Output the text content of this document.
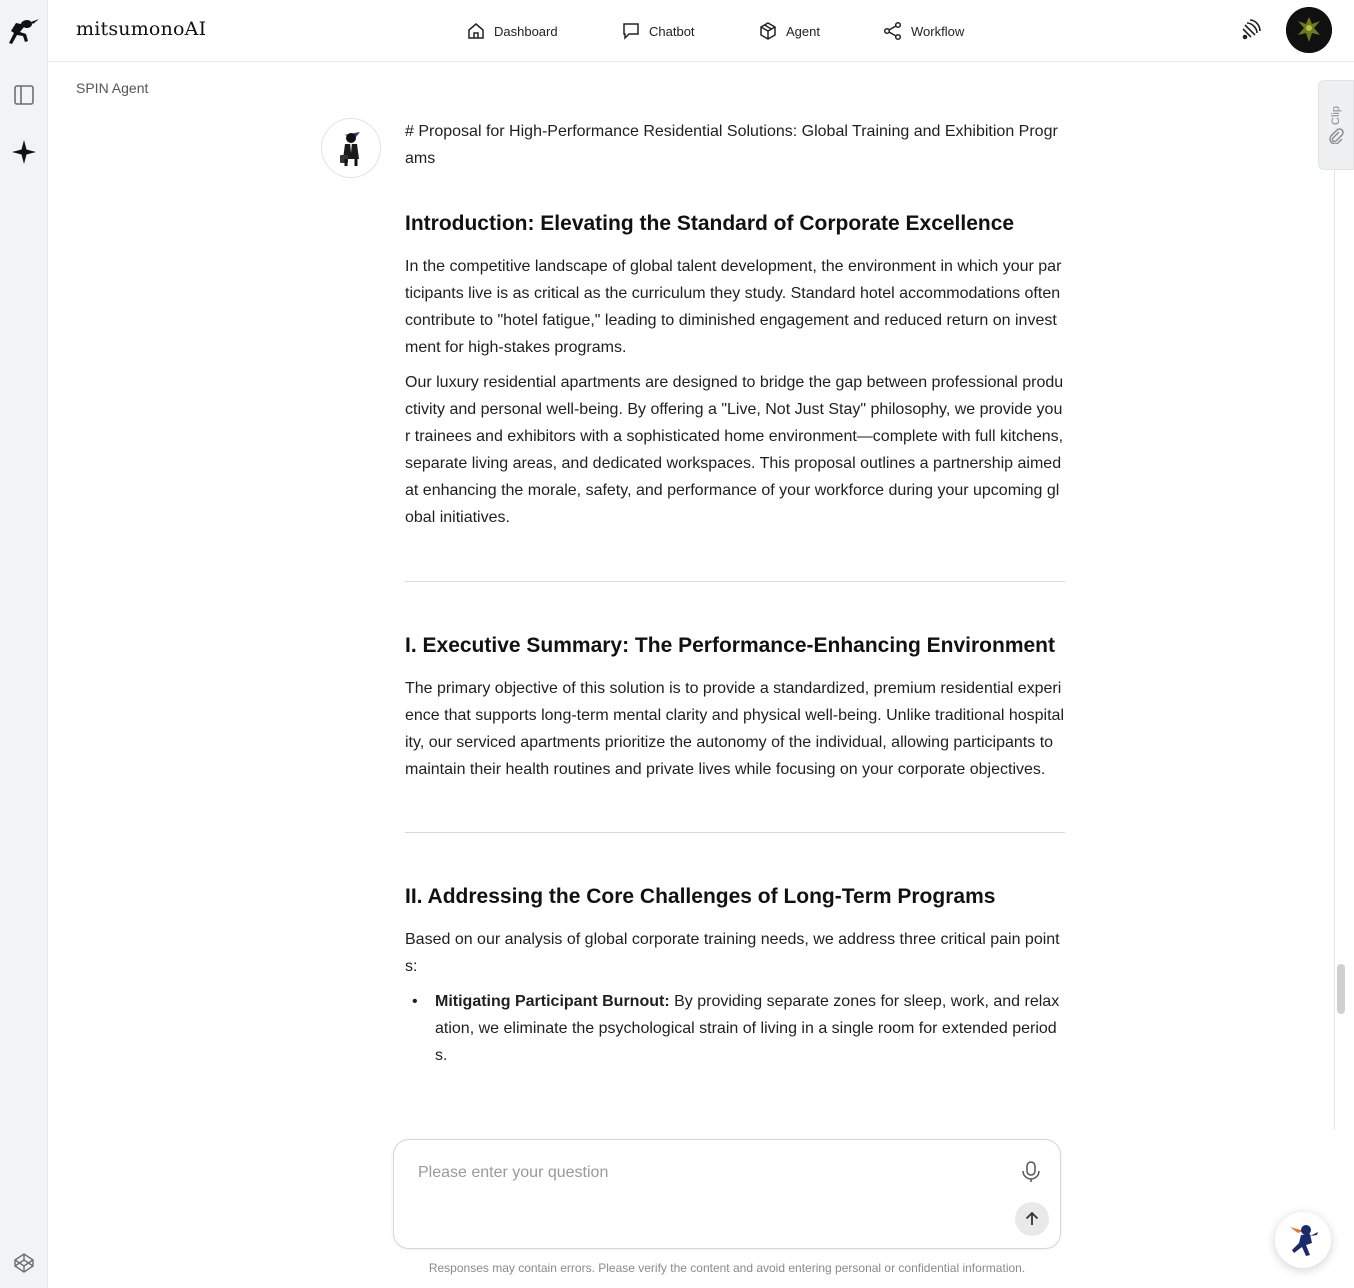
mitsumonoAI	Dashboard	Chatbot	Agent	Workflow
SPIN Agent

# Proposal for High-Performance Residential Solutions: Global Training and Exhibition Programs

Introduction: Elevating the Standard of Corporate Excellence

In the competitive landscape of global talent development, the environment in which your participants live is as critical as the curriculum they study. Standard hotel accommodations often contribute to "hotel fatigue," leading to diminished engagement and reduced return on investment for high-stakes programs.

Our luxury residential apartments are designed to bridge the gap between professional productivity and personal well-being. By offering a "Live, Not Just Stay" philosophy, we provide your trainees and exhibitors with a sophisticated home environment—complete with full kitchens, separate living areas, and dedicated workspaces. This proposal outlines a partnership aimed at enhancing the morale, safety, and performance of your workforce during your upcoming global initiatives.

I. Executive Summary: The Performance-Enhancing Environment

The primary objective of this solution is to provide a standardized, premium residential experience that supports long-term mental clarity and physical well-being. Unlike traditional hospitality, our serviced apartments prioritize the autonomy of the individual, allowing participants to maintain their health routines and private lives while focusing on your corporate objectives.

II. Addressing the Core Challenges of Long-Term Programs

Based on our analysis of global corporate training needs, we address three critical pain points:

• Mitigating Participant Burnout: By providing separate zones for sleep, work, and relaxation, we eliminate the psychological strain of living in a single room for extended periods.
Clip
Please enter your question
Responses may contain errors. Please verify the content and avoid entering personal or confidential information.
